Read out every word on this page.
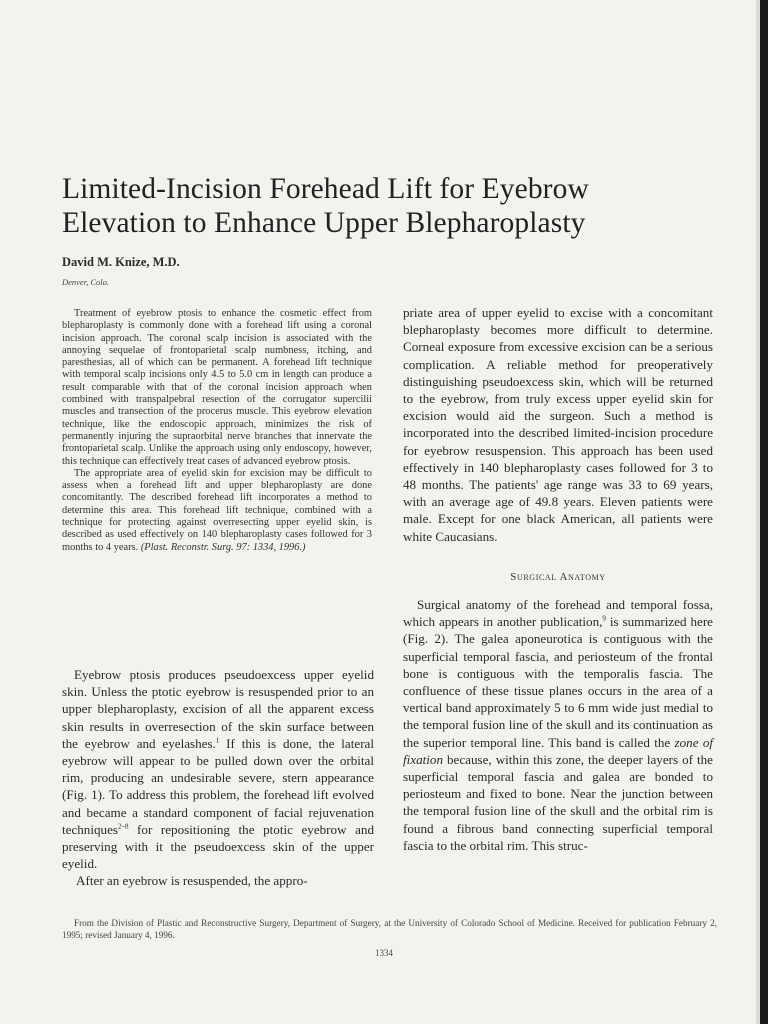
Limited-Incision Forehead Lift for Eyebrow
Elevation to Enhance Upper Blepharoplasty
David M. Knize, M.D.
Denver, Colo.

Treatment of eyebrow ptosis to enhance the cosmetic effect from blepharoplasty is commonly done with a forehead lift using a coronal incision approach. The coronal scalp incision is associated with the annoying sequelae of frontoparietal scalp numbness, itching, and paresthesias, all of which can be permanent. A forehead lift technique with temporal scalp incisions only 4.5 to 5.0 cm in length can produce a result comparable with that of the coronal incision approach when combined with transpalpebral resection of the corrugator supercilii muscles and transection of the procerus muscle. This eyebrow elevation technique, like the endoscopic approach, minimizes the risk of permanently injuring the supraorbital nerve branches that innervate the frontoparietal scalp. Unlike the approach using only endoscopy, however, this technique can effectively treat cases of advanced eyebrow ptosis.

The appropriate area of eyelid skin for excision may be difficult to assess when a forehead lift and upper blepharoplasty are done concomitantly. The described forehead lift incorporates a method to determine this area. This forehead lift technique, combined with a technique for protecting against overresecting upper eyelid skin, is described as used effectively on 140 blepharoplasty cases followed for 3 months to 4 years. (Plast. Reconstr. Surg. 97: 1334, 1996.)

Eyebrow ptosis produces pseudoexcess upper eyelid skin. Unless the ptotic eyebrow is resuspended prior to an upper blepharoplasty, excision of all the apparent excess skin results in overresection of the skin surface between the eyebrow and eyelashes.$^1$ If this is done, the lateral eyebrow will appear to be pulled down over the orbital rim, producing an undesirable severe, stern appearance (Fig. 1). To address this problem, the forehead lift evolved and became a standard component of facial rejuvenation techniques$^{2-8}$ for repositioning the ptotic eyebrow and preserving with it the pseudoexcess skin of the upper eyelid.

After an eyebrow is resuspended, the appro-

priate area of upper eyelid to excise with a concomitant blepharoplasty becomes more difficult to determine. Corneal exposure from excessive excision can be a serious complication. A reliable method for preoperatively distinguishing pseudoexcess skin, which will be returned to the eyebrow, from truly excess upper eyelid skin for excision would aid the surgeon. Such a method is incorporated into the described limited-incision procedure for eyebrow resuspension. This approach has been used effectively in 140 blepharoplasty cases followed for 3 to 48 months. The patients' age range was 33 to 69 years, with an average age of 49.8 years. Eleven patients were male. Except for one black American, all patients were white Caucasians.

Surgical Anatomy

Surgical anatomy of the forehead and temporal fossa, which appears in another publication,$^9$ is summarized here (Fig. 2). The galea aponeurotica is contiguous with the superficial temporal fascia, and periosteum of the frontal bone is contiguous with the temporalis fascia. The confluence of these tissue planes occurs in the area of a vertical band approximately 5 to 6 mm wide just medial to the temporal fusion line of the skull and its continuation as the superior temporal line. This band is called the zone of fixation because, within this zone, the deeper layers of the superficial temporal fascia and galea are bonded to periosteum and fixed to bone. Near the junction between the temporal fusion line of the skull and the orbital rim is found a fibrous band connecting superficial temporal fascia to the orbital rim. This struc-

From the Division of Plastic and Reconstructive Surgery, Department of Surgery, at the University of Colorado School of Medicine. Received for publication February 2, 1995; revised January 4, 1996.
1334
